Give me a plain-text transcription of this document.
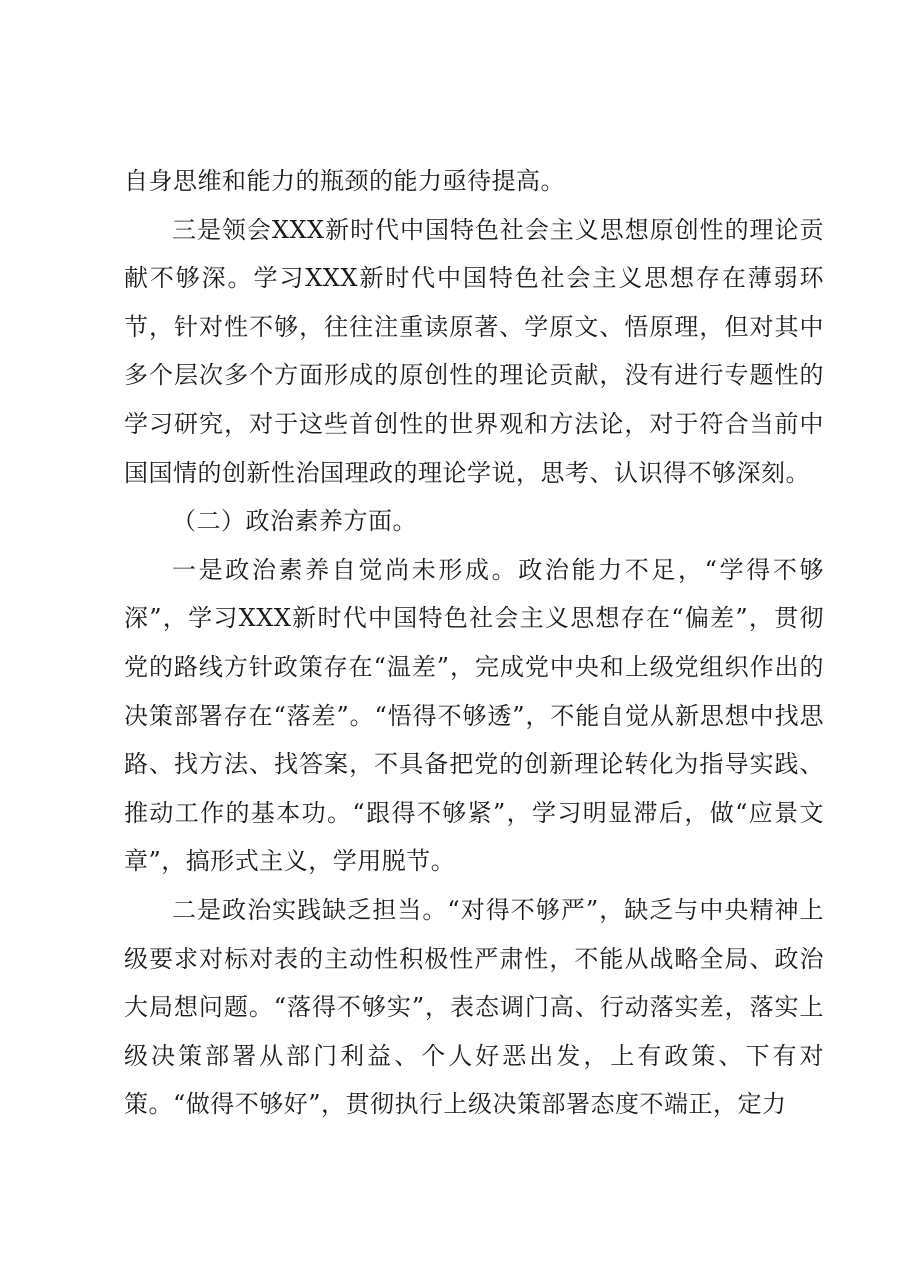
自身思维和能力的瓶颈的能力亟待提高。

三是领会XXX新时代中国特色社会主义思想原创性的理论贡献不够深。学习XXX新时代中国特色社会主义思想存在薄弱环节，针对性不够，往往注重读原著、学原文、悟原理，但对其中多个层次多个方面形成的原创性的理论贡献，没有进行专题性的学习研究，对于这些首创性的世界观和方法论，对于符合当前中国国情的创新性治国理政的理论学说，思考、认识得不够深刻。

（二）政治素养方面。

一是政治素养自觉尚未形成。政治能力不足，“学得不够深”，学习XXX新时代中国特色社会主义思想存在“偏差”，贯彻党的路线方针政策存在“温差”，完成党中央和上级党组织作出的决策部署存在“落差”。“悟得不够透”，不能自觉从新思想中找思路、找方法、找答案，不具备把党的创新理论转化为指导实践、推动工作的基本功。“跟得不够紧”，学习明显滞后，做“应景文章”，搞形式主义，学用脱节。

二是政治实践缺乏担当。“对得不够严”，缺乏与中央精神上级要求对标对表的主动性积极性严肃性，不能从战略全局、政治大局想问题。“落得不够实”，表态调门高、行动落实差，落实上级决策部署从部门利益、个人好恶出发，上有政策、下有对策。“做得不够好”，贯彻执行上级决策部署态度不端正，定力
